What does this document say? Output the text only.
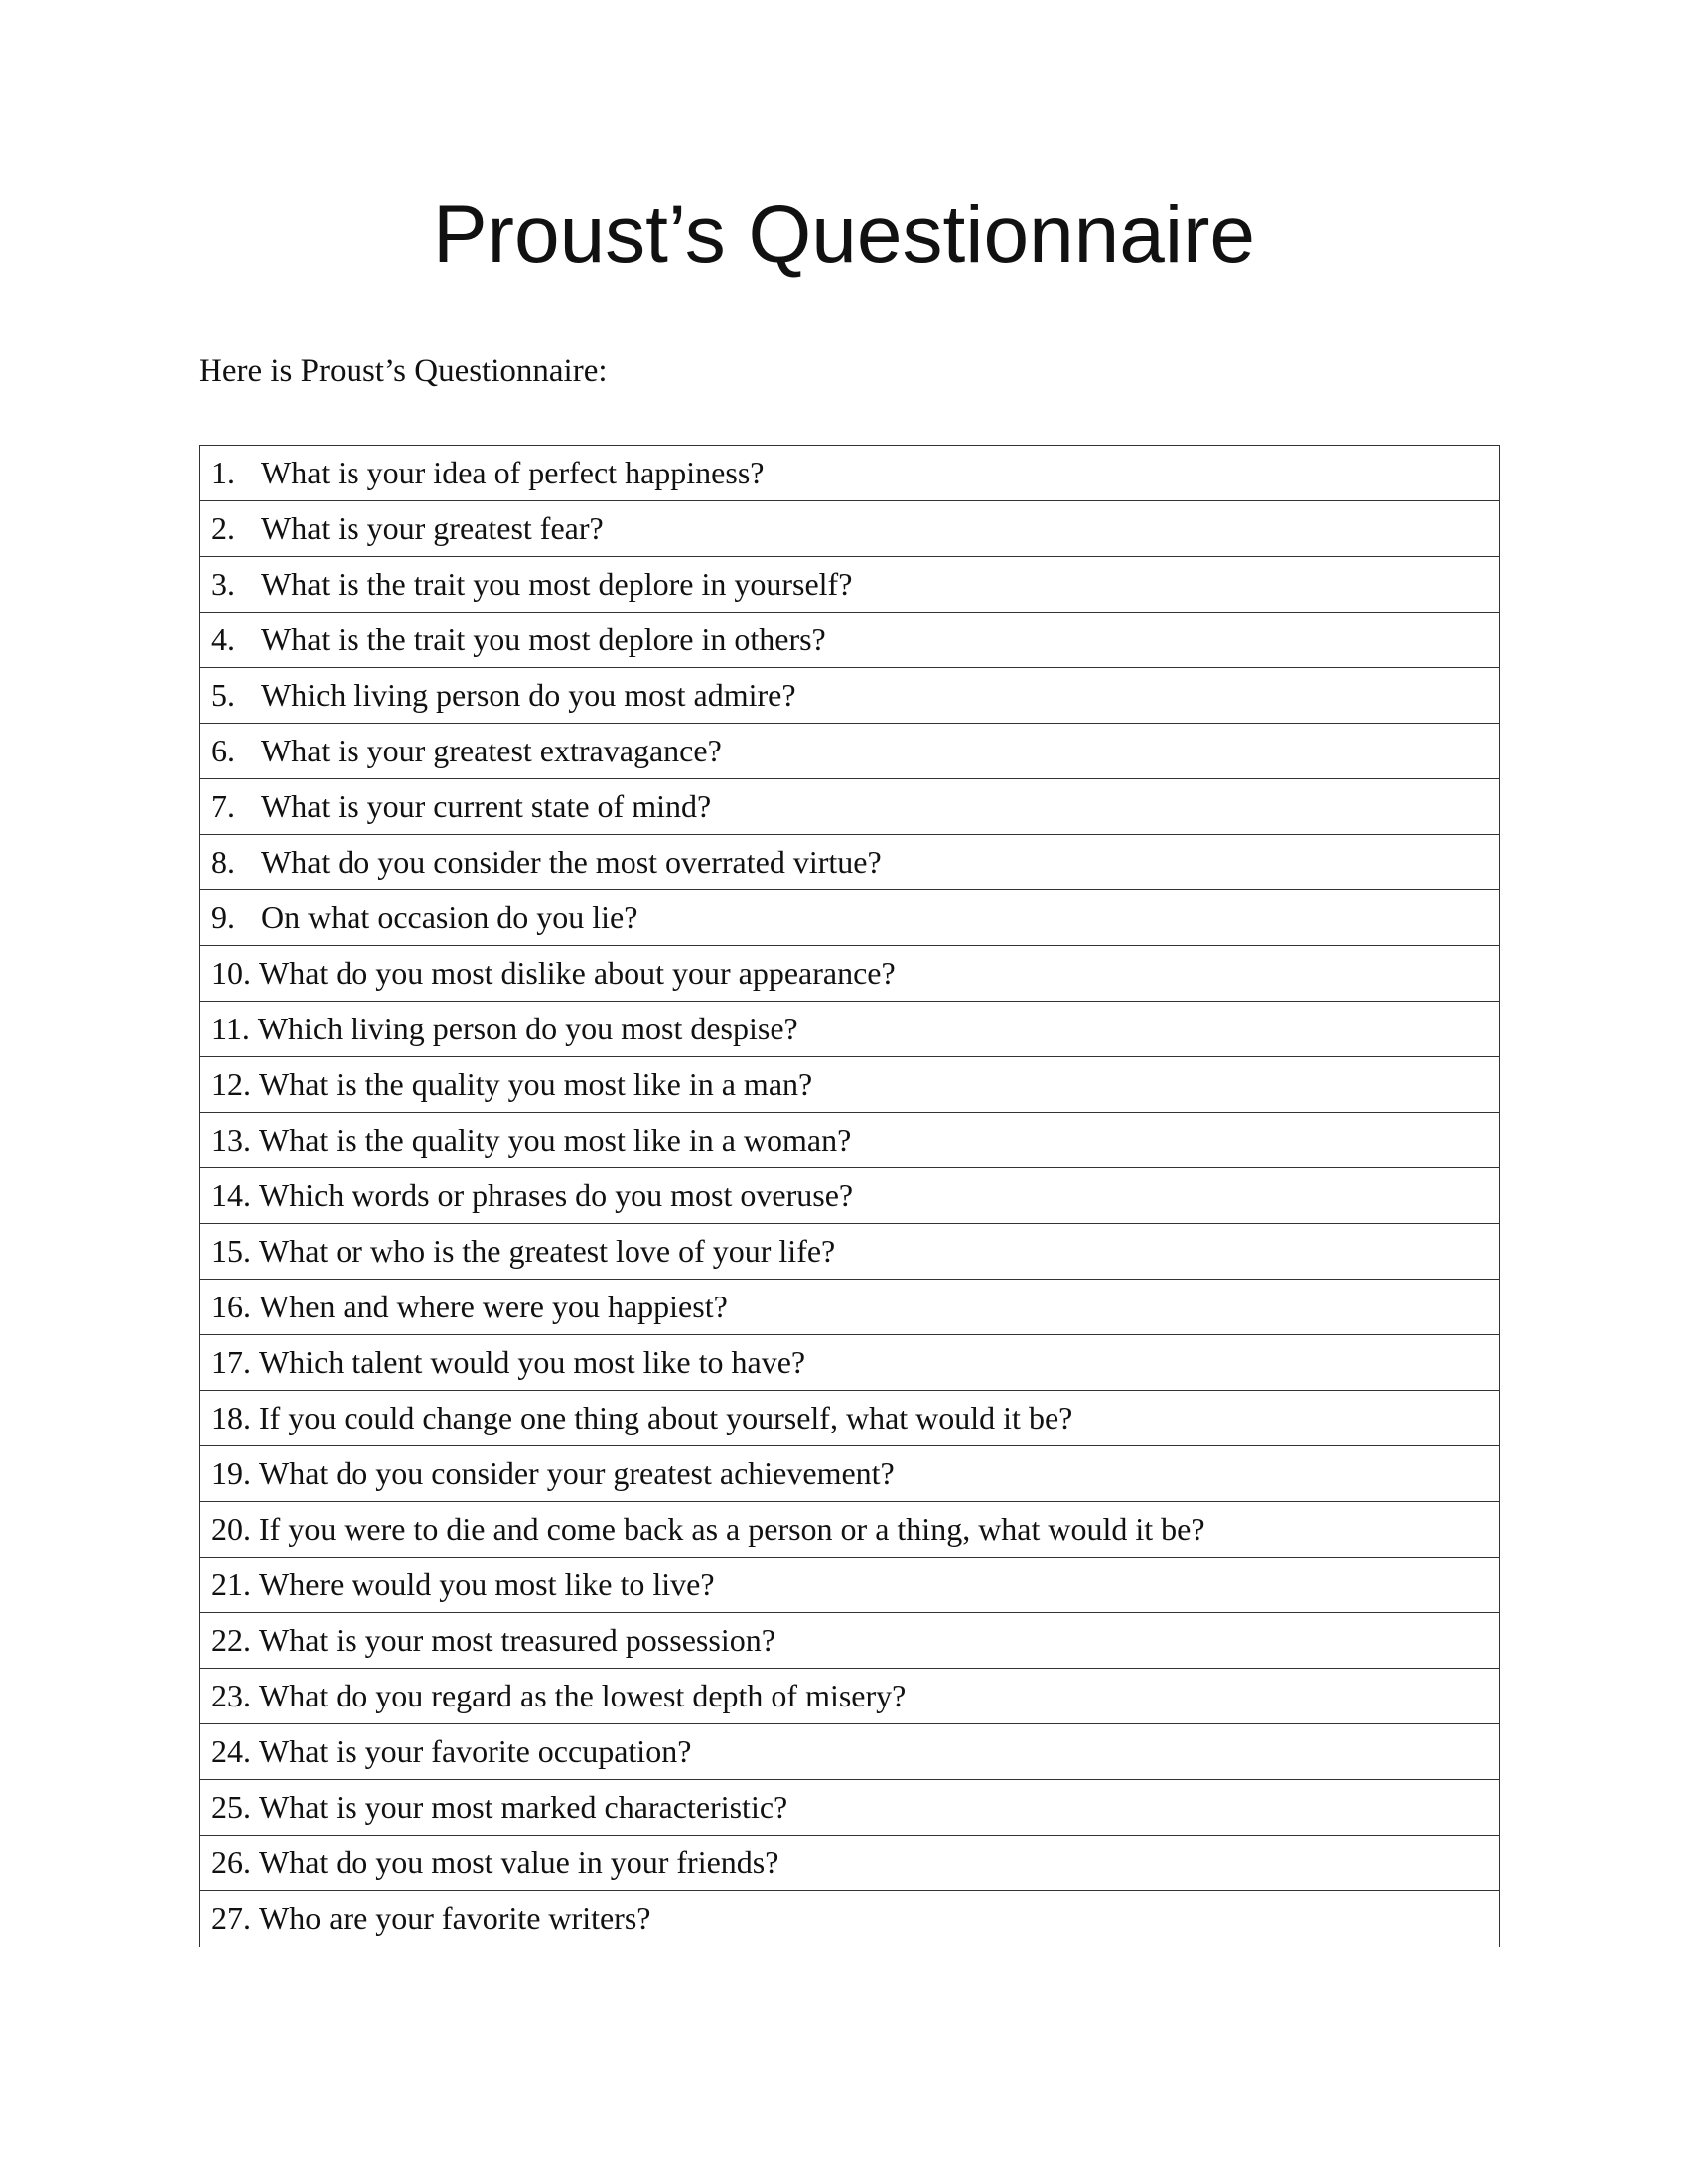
Proust’s Questionnaire

Here is Proust’s Questionnaire:

1. What is your idea of perfect happiness?
2. What is your greatest fear?
3. What is the trait you most deplore in yourself?
4. What is the trait you most deplore in others?
5. Which living person do you most admire?
6. What is your greatest extravagance?
7. What is your current state of mind?
8. What do you consider the most overrated virtue?
9. On what occasion do you lie?
10. What do you most dislike about your appearance?
11. Which living person do you most despise?
12. What is the quality you most like in a man?
13. What is the quality you most like in a woman?
14. Which words or phrases do you most overuse?
15. What or who is the greatest love of your life?
16. When and where were you happiest?
17. Which talent would you most like to have?
18. If you could change one thing about yourself, what would it be?
19. What do you consider your greatest achievement?
20. If you were to die and come back as a person or a thing, what would it be?
21. Where would you most like to live?
22. What is your most treasured possession?
23. What do you regard as the lowest depth of misery?
24. What is your favorite occupation?
25. What is your most marked characteristic?
26. What do you most value in your friends?
27. Who are your favorite writers?
